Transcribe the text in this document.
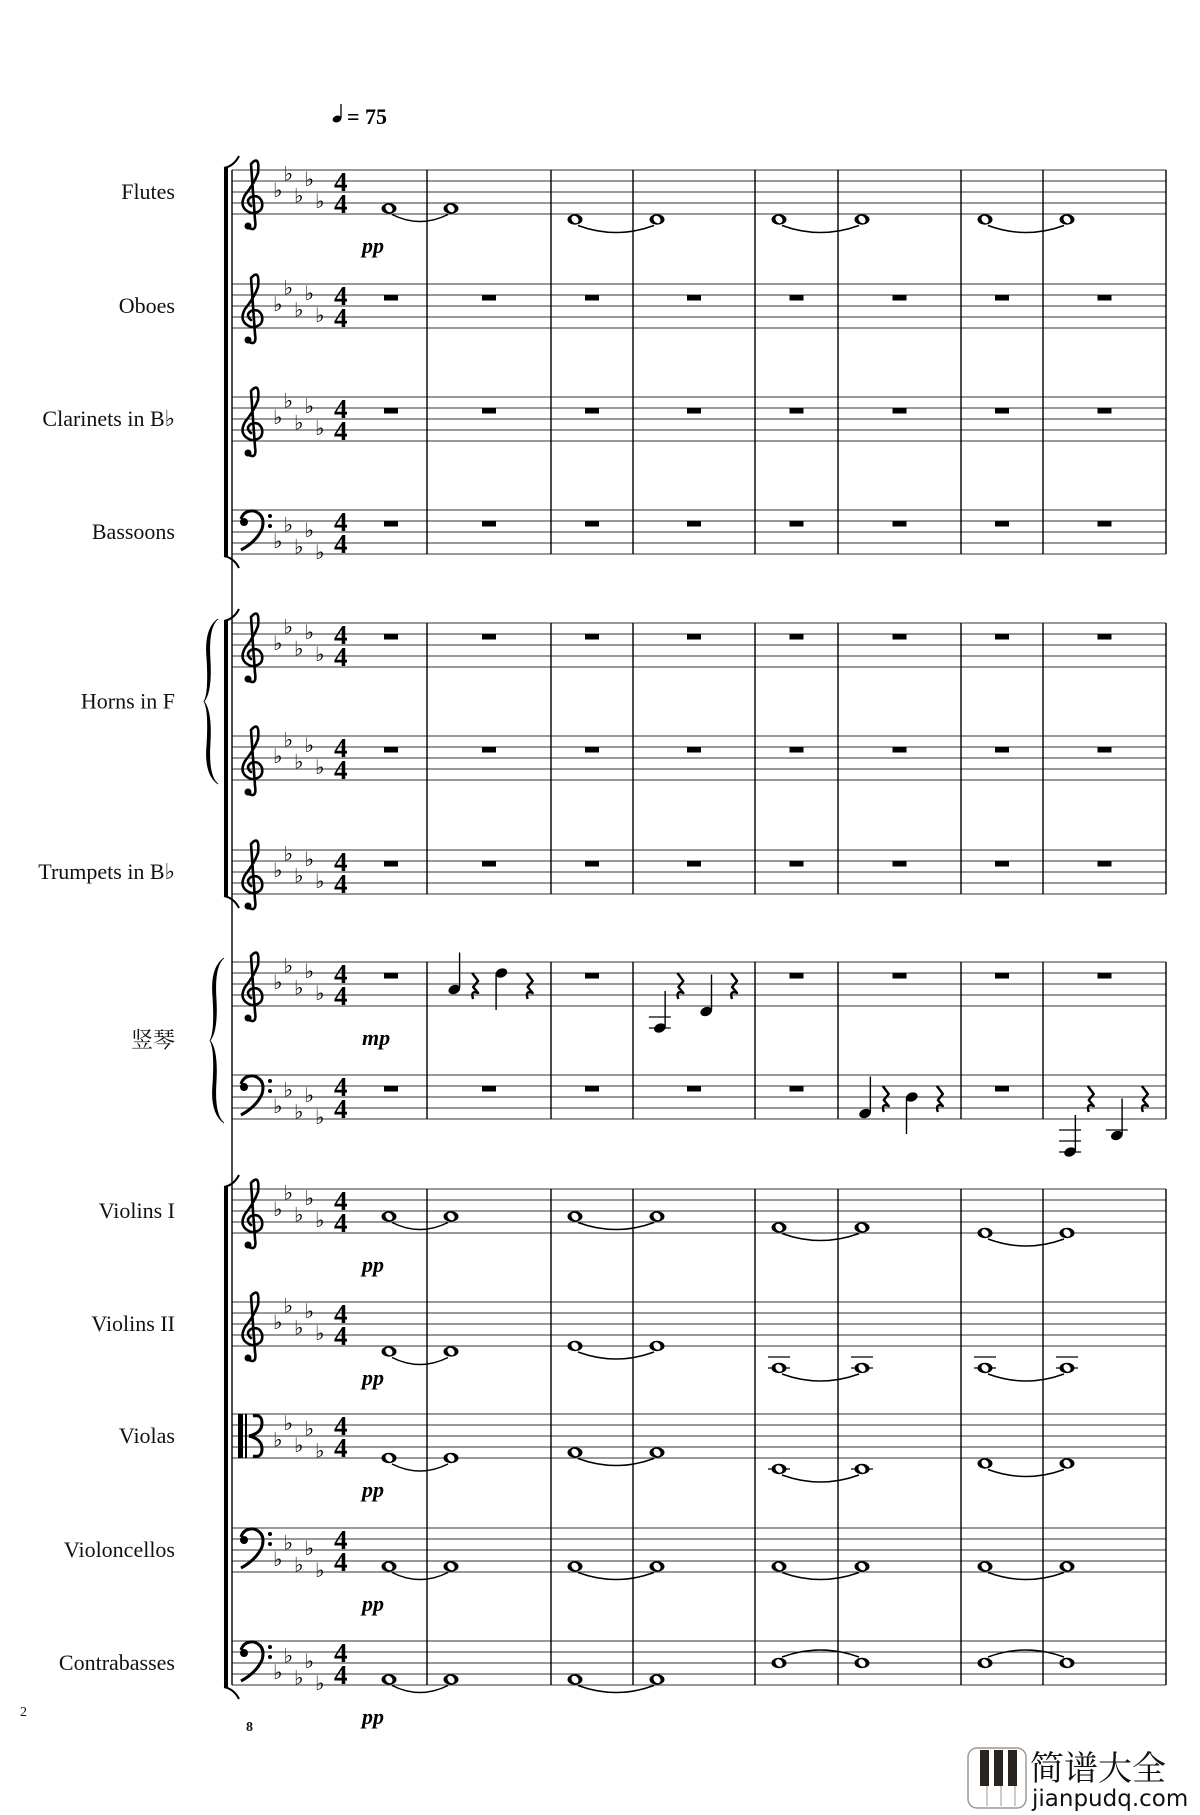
= 75
2
8
简谱大全
jianpudq.com
♭
♭
♭
♭
♭
4
4
pp
♭
♭
♭
♭
♭
4
4
♭
♭
♭
♭
♭
4
4
♭
♭
♭
♭
♭
4
4
♭
♭
♭
♭
♭
4
4
♭
♭
♭
♭
♭
4
4
♭
♭
♭
♭
♭
4
4
♭
♭
♭
♭
♭
4
4
mp
♭
♭
♭
♭
♭
4
4
♭
♭
♭
♭
♭
4
4
pp
♭
♭
♭
♭
♭
4
4
pp
♭
♭
♭
♭
♭
4
4
pp
♭
♭
♭
♭
♭
4
4
pp
♭
♭
♭
♭
♭
4
4
pp
Flutes
Oboes
Clarinets in B♭
Bassoons
Horns in F
Trumpets in B♭
竖琴
Violins I
Violins II
Violas
Violoncellos
Contrabasses
